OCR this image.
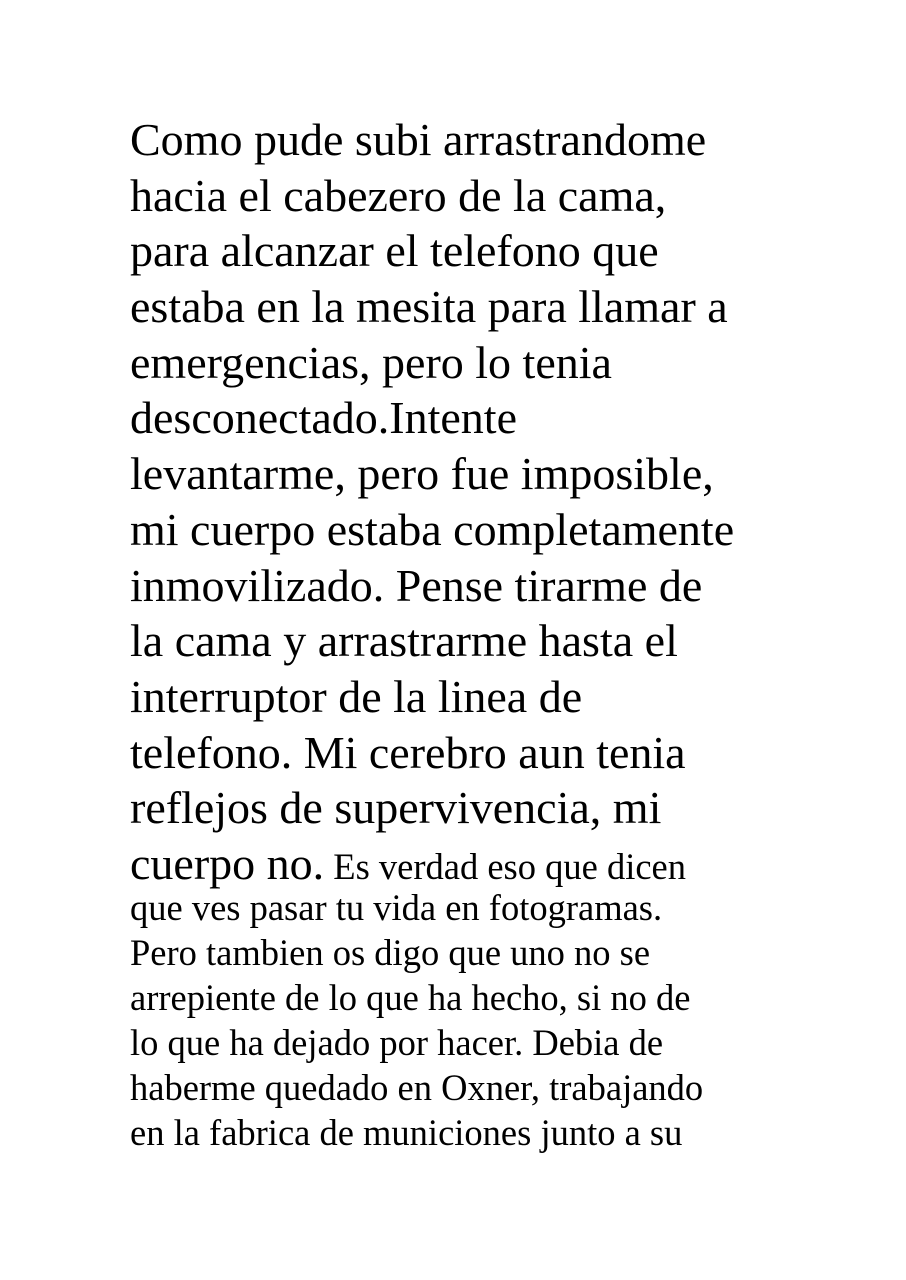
Como pude subi arrastrandome
hacia el cabezero de la cama,
para alcanzar el telefono que
estaba en la mesita para llamar a
emergencias, pero lo tenia
desconectado.Intente
levantarme, pero fue imposible,
mi cuerpo estaba completamente
inmovilizado. Pense tirarme de
la cama y arrastrarme hasta el
interruptor de la linea de
telefono. Mi cerebro aun tenia
reflejos de supervivencia, mi
cuerpo no. Es verdad eso que dicen
que ves pasar tu vida en fotogramas.
Pero tambien os digo que uno no se
arrepiente de lo que ha hecho, si no de
lo que ha dejado por hacer. Debia de
haberme quedado en Oxner, trabajando
en la fabrica de municiones junto a su
